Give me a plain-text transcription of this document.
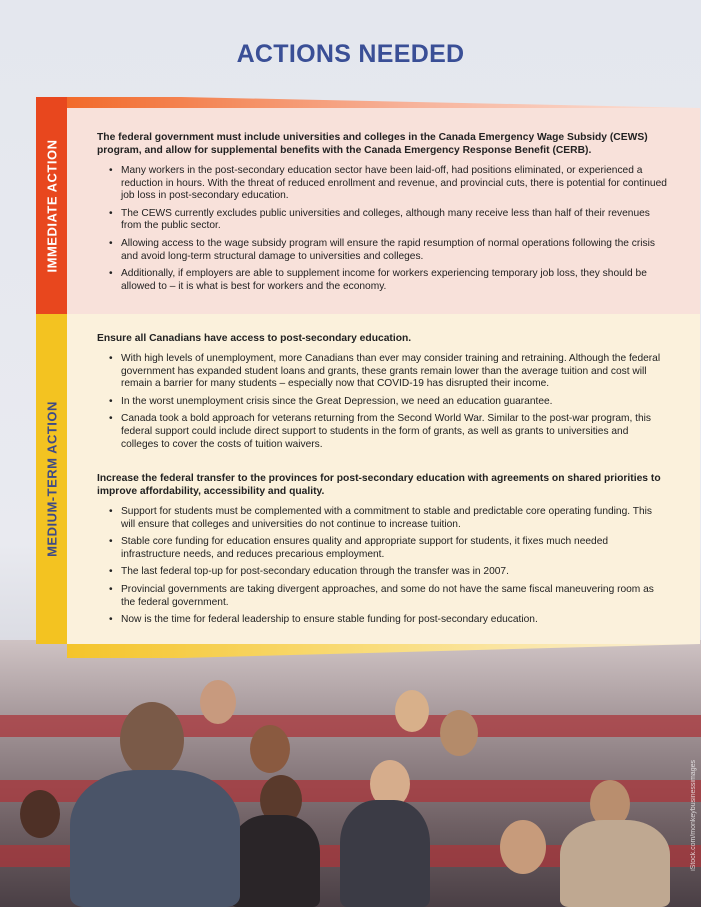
iStock.com/monkeybusinessimages
ACTIONS NEEDED
IMMEDIATE ACTION

The federal government must include universities and colleges in the Canada Emergency Wage Subsidy (CEWS) program, and allow for supplemental benefits with the Canada Emergency Response Benefit (CERB).

• Many workers in the post-secondary education sector have been laid-off, had positions eliminated, or experienced a reduction in hours. With the threat of reduced enrollment and revenue, and provincial cuts, there is potential for continued job loss in post-secondary education.
• The CEWS currently excludes public universities and colleges, although many receive less than half of their revenues from the public sector.
• Allowing access to the wage subsidy program will ensure the rapid resumption of normal operations following the crisis and avoid long-term structural damage to universities and colleges.
• Additionally, if employers are able to supplement income for workers experiencing temporary job loss, they should be allowed to – it is what is best for workers and the economy.
MEDIUM-TERM ACTION

Ensure all Canadians have access to post-secondary education.

• With high levels of unemployment, more Canadians than ever may consider training and retraining. Although the federal government has expanded student loans and grants, these grants remain lower than the average tuition and cost will remain a barrier for many students – especially now that COVID-19 has disrupted their income.
• In the worst unemployment crisis since the Great Depression, we need an education guarantee.
• Canada took a bold approach for veterans returning from the Second World War. Similar to the post-war program, this federal support could include direct support to students in the form of grants, as well as grants to universities and colleges to cover the costs of tuition waivers.

Increase the federal transfer to the provinces for post-secondary education with agreements on shared priorities to improve affordability, accessibility and quality.

• Support for students must be complemented with a commitment to stable and predictable core operating funding. This will ensure that colleges and universities do not continue to increase tuition.
• Stable core funding for education ensures quality and appropriate support for students, it fixes much needed infrastructure needs, and reduces precarious employment.
• The last federal top-up for post-secondary education through the transfer was in 2007.
• Provincial governments are taking divergent approaches, and some do not have the same fiscal maneuvering room as the federal government.
• Now is the time for federal leadership to ensure stable funding for post-secondary education.
